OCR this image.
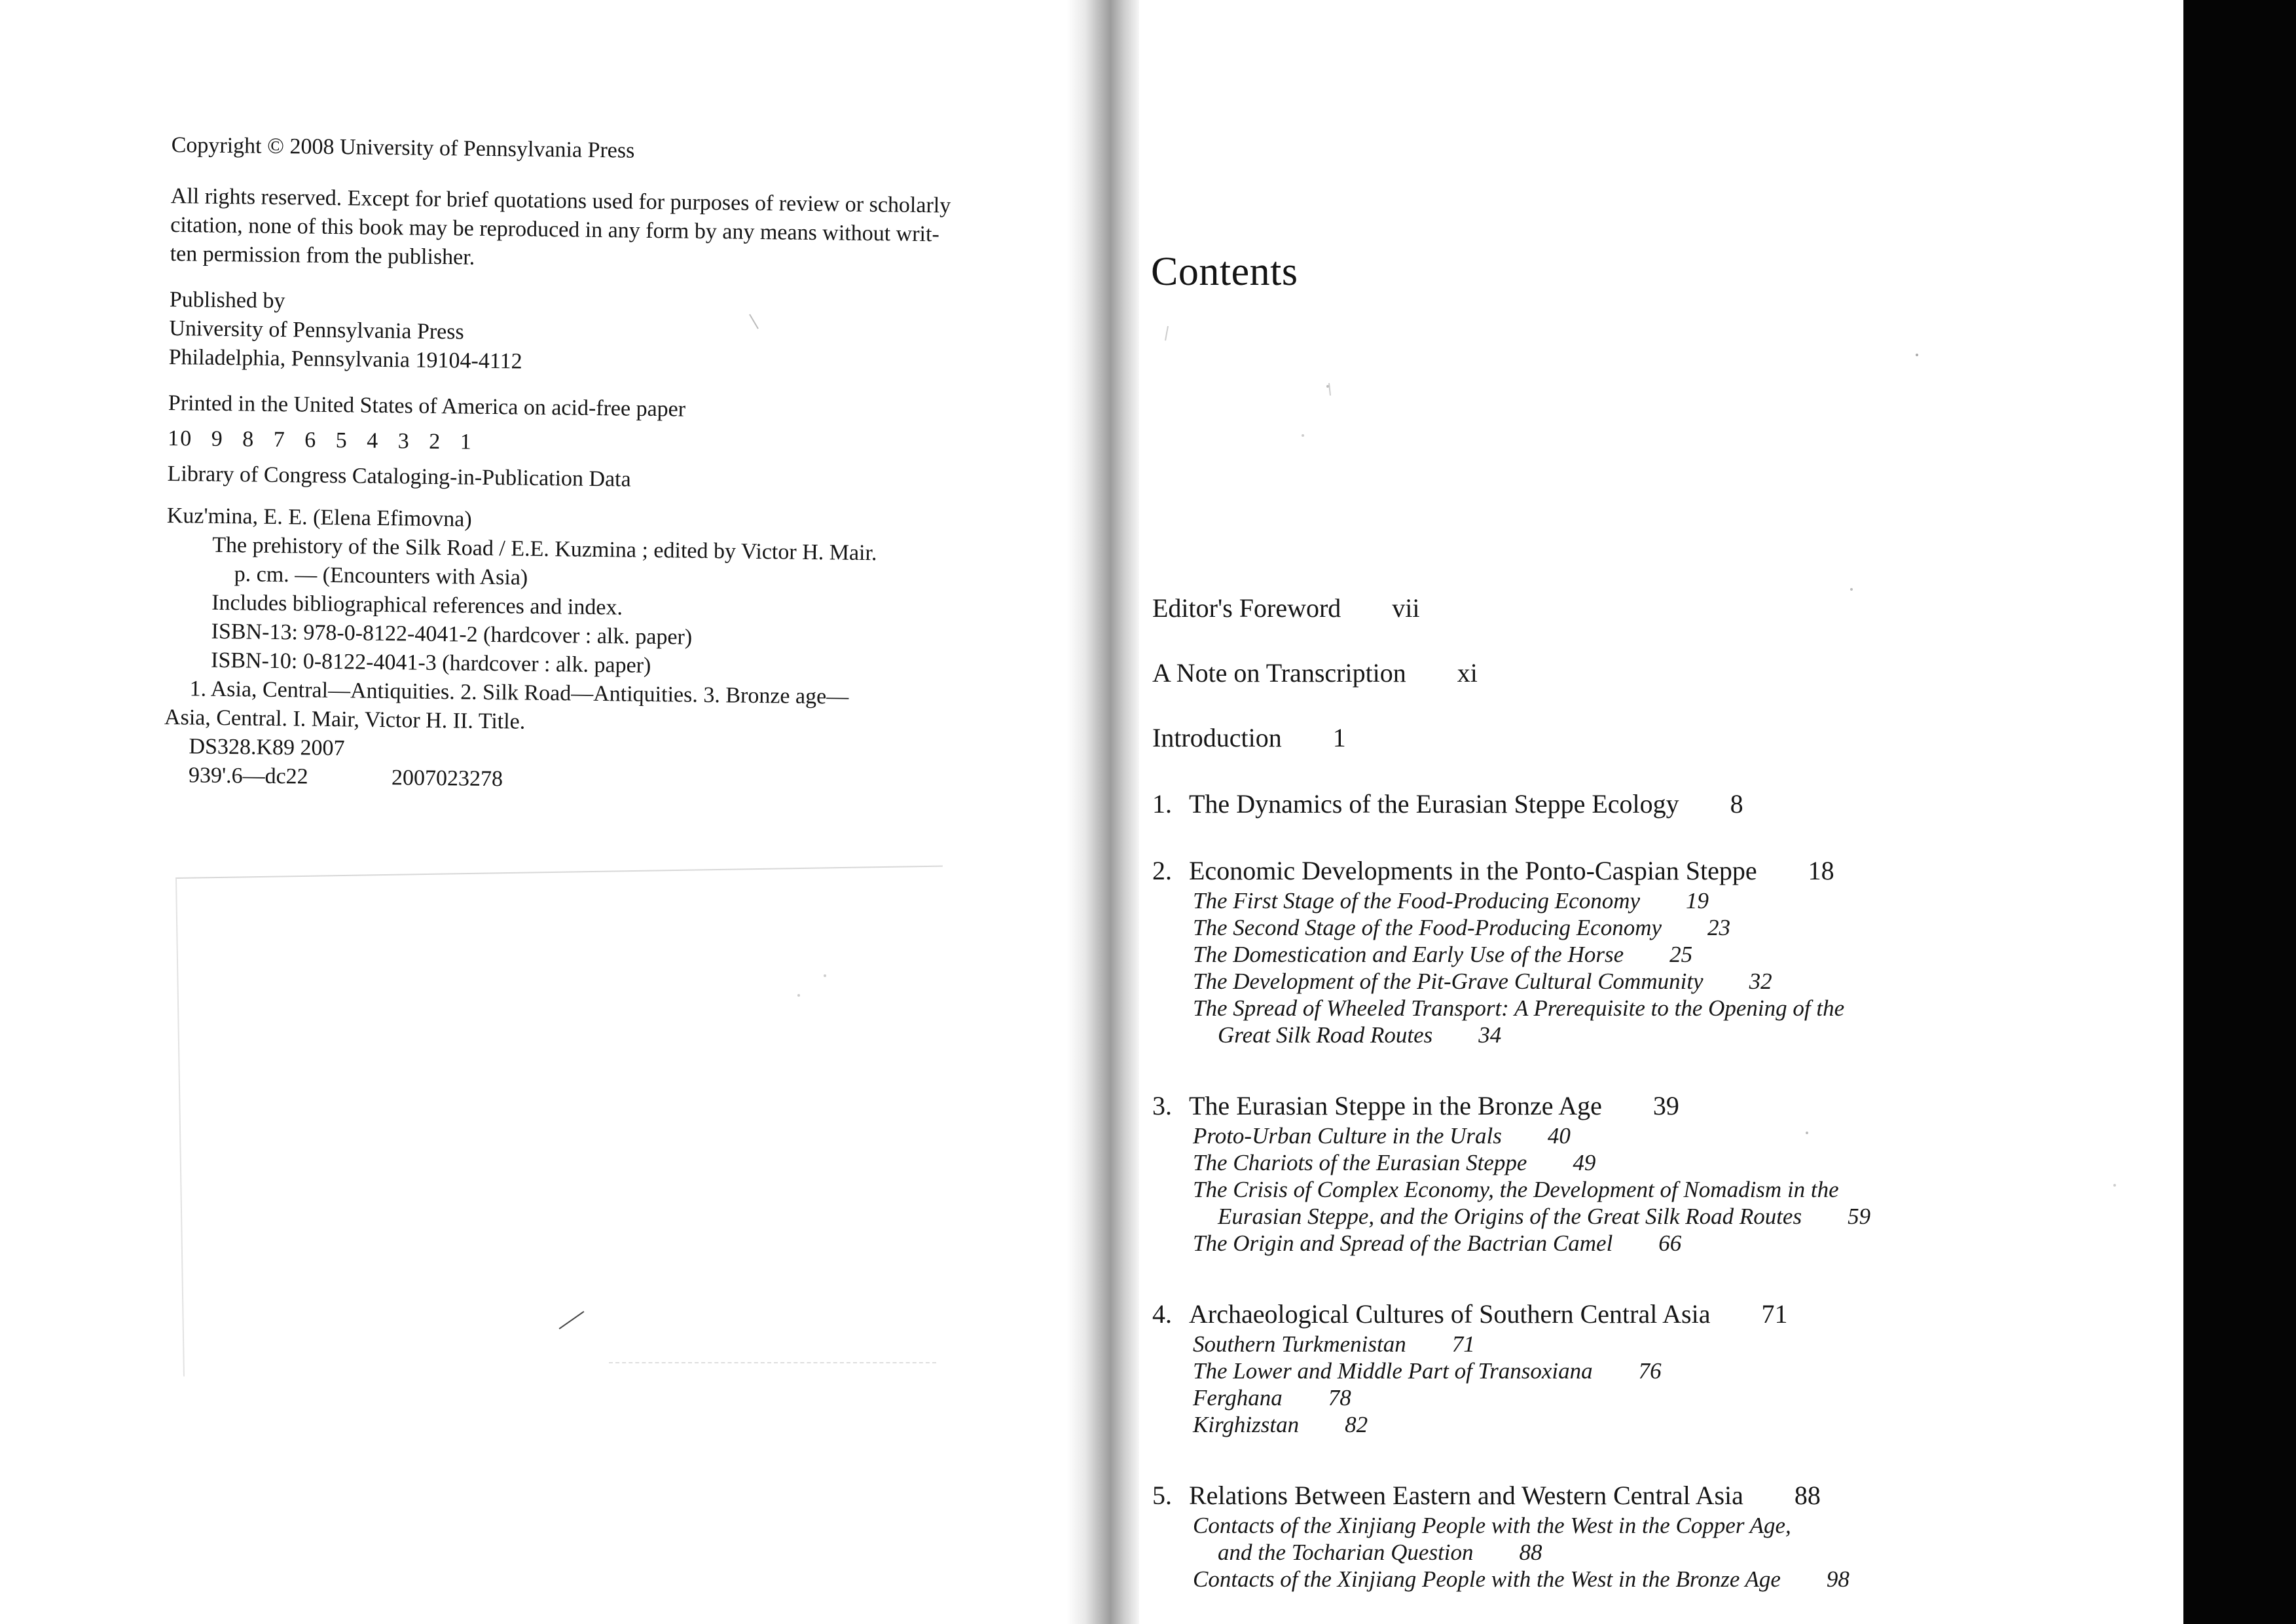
Copyright © 2008 University of Pennsylvania Press
All rights reserved. Except for brief quotations used for purposes of review or scholarly
citation, none of this book may be reproduced in any form by any means without writ-
ten permission from the publisher.
Published by
University of Pennsylvania Press
Philadelphia, Pennsylvania 19104-4112
Printed in the United States of America on acid-free paper
10 9 8 7 6 5 4 3 2 1
Library of Congress Cataloging-in-Publication Data
Kuz'mina, E. E. (Elena Efimovna)
The prehistory of the Silk Road / E.E. Kuzmina ; edited by Victor H. Mair.
p. cm. — (Encounters with Asia)
Includes bibliographical references and index.
ISBN-13: 978-0-8122-4041-2 (hardcover : alk. paper)
ISBN-10: 0-8122-4041-3 (hardcover : alk. paper)
1. Asia, Central—Antiquities. 2. Silk Road—Antiquities. 3. Bronze age—
Asia, Central. I. Mair, Victor H. II. Title.
DS328.K89 2007
939'.6—dc22	2007023278
Contents
Editor's Foreword vii
A Note on Transcription xi
Introduction 1
1. The Dynamics of the Eurasian Steppe Ecology 8
2. Economic Developments in the Ponto-Caspian Steppe 18
The First Stage of the Food-Producing Economy 19
The Second Stage of the Food-Producing Economy 23
The Domestication and Early Use of the Horse 25
The Development of the Pit-Grave Cultural Community 32
The Spread of Wheeled Transport: A Prerequisite to the Opening of the
Great Silk Road Routes 34
3. The Eurasian Steppe in the Bronze Age 39
Proto-Urban Culture in the Urals 40
The Chariots of the Eurasian Steppe 49
The Crisis of Complex Economy, the Development of Nomadism in the
Eurasian Steppe, and the Origins of the Great Silk Road Routes 59
The Origin and Spread of the Bactrian Camel 66
4. Archaeological Cultures of Southern Central Asia 71
Southern Turkmenistan 71
The Lower and Middle Part of Transoxiana 76
Ferghana 78
Kirghizstan 82
5. Relations Between Eastern and Western Central Asia 88
Contacts of the Xinjiang People with the West in the Copper Age,
and the Tocharian Question 88
Contacts of the Xinjiang People with the West in the Bronze Age 98
